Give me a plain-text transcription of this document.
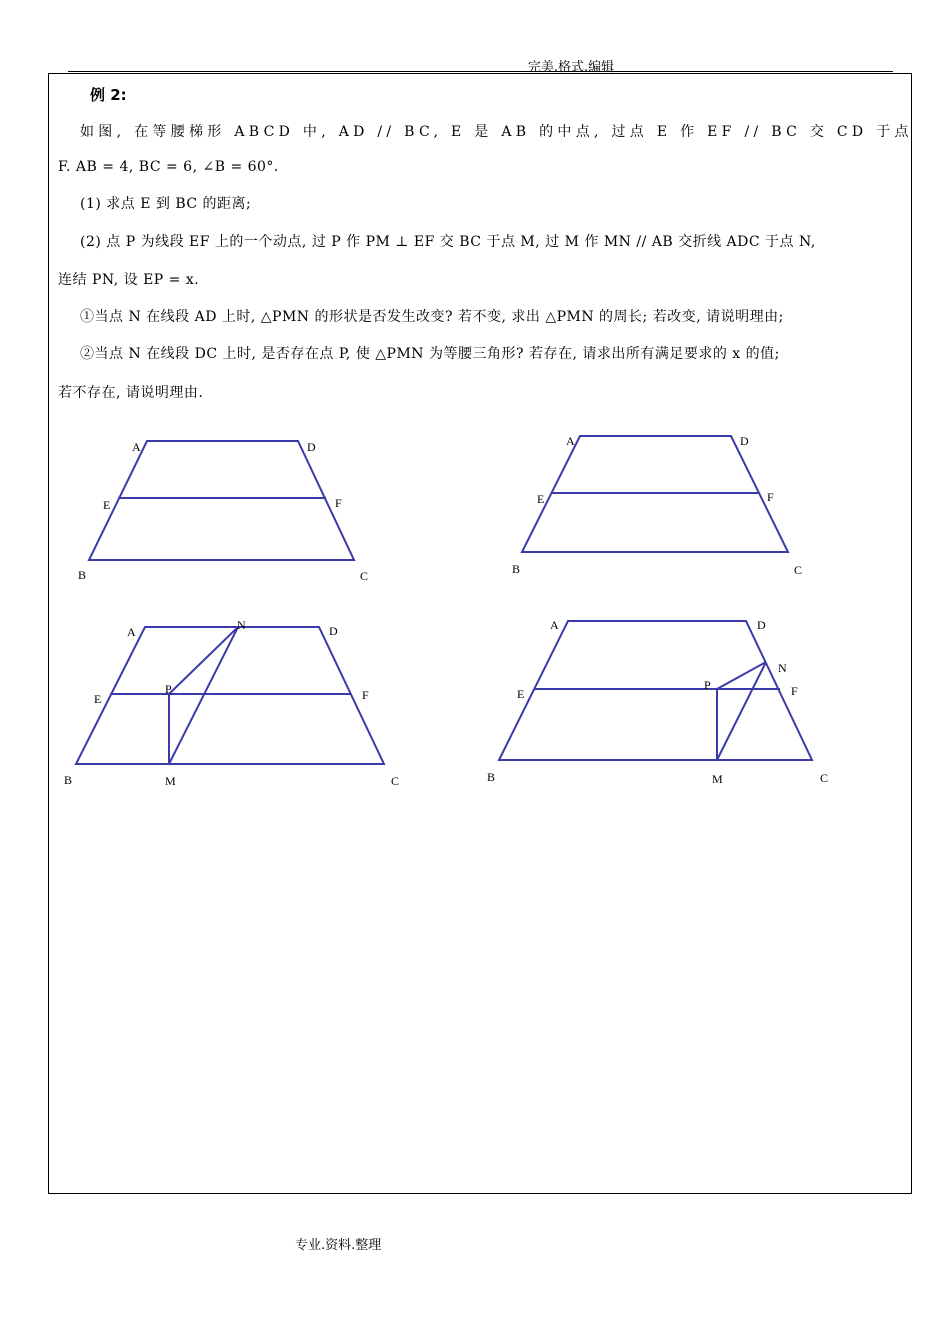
完美.格式.编辑
例 2:
如图, 在等腰梯形 ABCD 中, AD // BC, E 是 AB 的中点, 过点 E 作 EF // BC 交 CD 于点
F. AB = 4, BC = 6, ∠B = 60°.
(1) 求点 E 到 BC 的距离;
(2) 点 P 为线段 EF 上的一个动点, 过 P 作 PM ⊥ EF 交 BC 于点 M, 过 M 作 MN // AB 交折线 ADC 于点 N,
连结 PN, 设 EP = x.
①当点 N 在线段 AD 上时, △PMN 的形状是否发生改变? 若不变, 求出 △PMN 的周长; 若改变, 请说明理由;
②当点 N 在线段 DC 上时, 是否存在点 P, 使 △PMN 为等腰三角形? 若存在, 请求出所有满足要求的 x 的值;
若不存在, 请说明理由.
A	D
E	F
B	C
A	D
E	F
B	C
A	D
N
E
P	F
B	M	C
A	D
N
P	F
E
B	M	C
专业.资料.整理
